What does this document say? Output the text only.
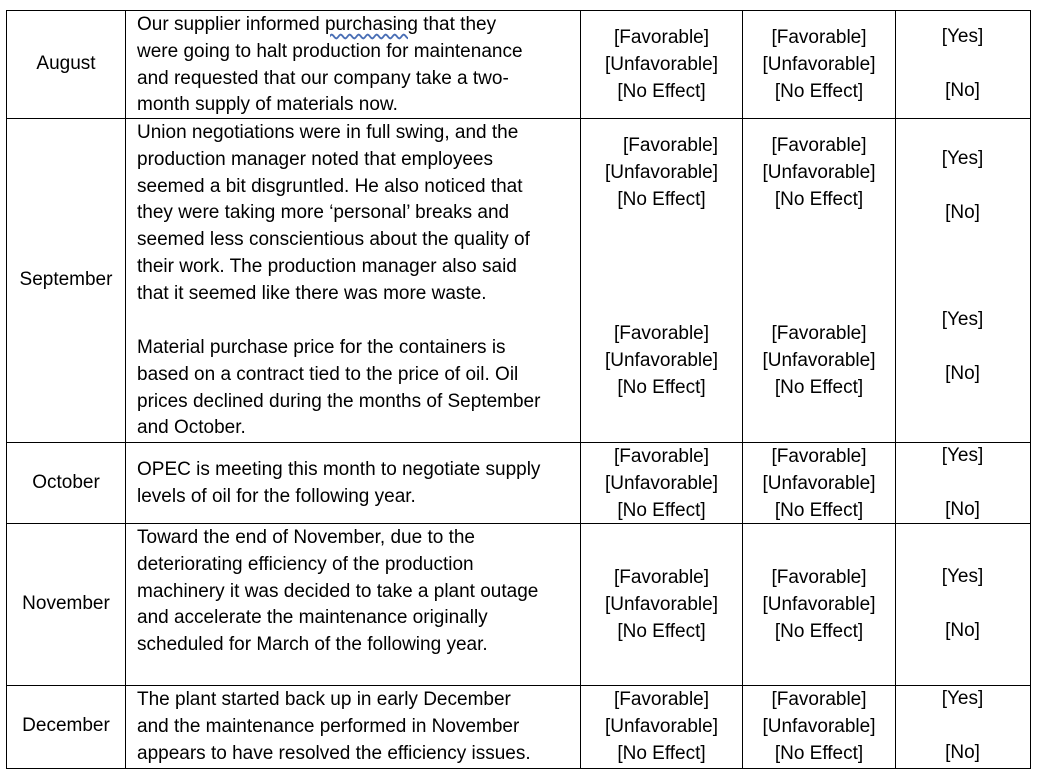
August
Our supplier informed purchasing that they
were going to halt production for maintenance
and requested that our company take a two-
month supply of materials now.
[Favorable]
[Unfavorable]
[No Effect]
[Favorable]
[Unfavorable]
[No Effect]
[Yes]
[No]
September
Union negotiations were in full swing, and the
production manager noted that employees
seemed a bit disgruntled. He also noticed that
they were taking more ‘personal’ breaks and
seemed less conscientious about the quality of
their work. The production manager also said
that it seemed like there was more waste.
Material purchase price for the containers is
based on a contract tied to the price of oil. Oil
prices declined during the months of September
and October.
[Favorable]
[Unfavorable]
[No Effect]
[Favorable]
[Unfavorable]
[No Effect]
[Yes]
[No]
[Favorable]
[Unfavorable]
[No Effect]
[Favorable]
[Unfavorable]
[No Effect]
[Yes]
[No]
October
OPEC is meeting this month to negotiate supply
levels of oil for the following year.
[Favorable]
[Unfavorable]
[No Effect]
[Favorable]
[Unfavorable]
[No Effect]
[Yes]
[No]
November
Toward the end of November, due to the
deteriorating efficiency of the production
machinery it was decided to take a plant outage
and accelerate the maintenance originally
scheduled for March of the following year.
[Favorable]
[Unfavorable]
[No Effect]
[Favorable]
[Unfavorable]
[No Effect]
[Yes]
[No]
December
The plant started back up in early December
and the maintenance performed in November
appears to have resolved the efficiency issues.
[Favorable]
[Unfavorable]
[No Effect]
[Favorable]
[Unfavorable]
[No Effect]
[Yes]
[No]
